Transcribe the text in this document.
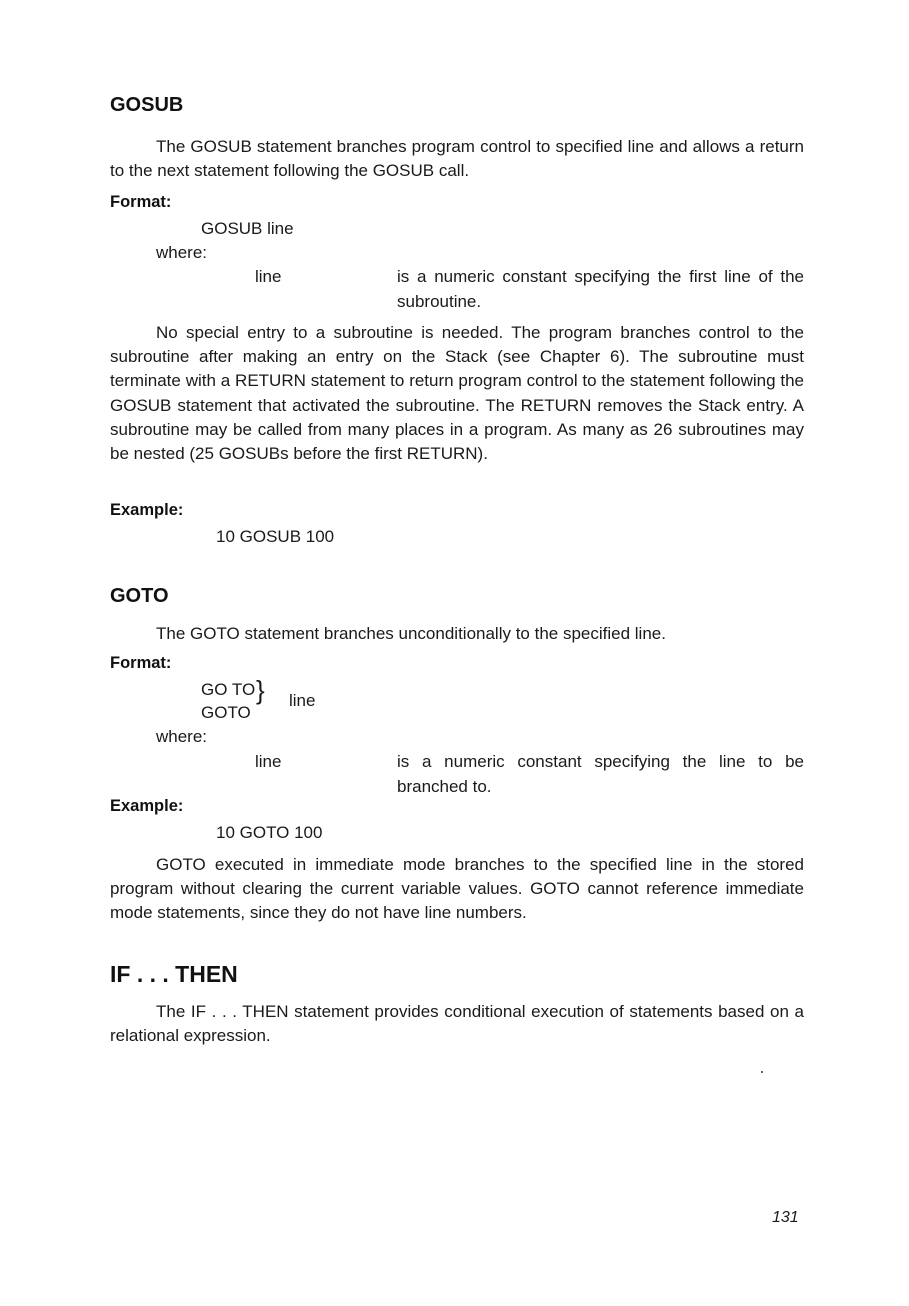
GOSUB
The GOSUB statement branches program control to specified line and allows a return to the next statement following the GOSUB call.
Format:
GOSUB line
where:
line	is a numeric constant specifying the first line of the subroutine.
No special entry to a subroutine is needed. The program branches control to the subroutine after making an entry on the Stack (see Chapter 6). The subroutine must terminate with a RETURN statement to return program control to the statement following the GOSUB statement that activated the subroutine. The RETURN removes the Stack entry. A subroutine may be called from many places in a program. As many as 26 subroutines may be nested (25 GOSUBs before the first RETURN).
Example:
10 GOSUB 100
GOTO
The GOTO statement branches unconditionally to the specified line.
Format:
GO TO
GOTO
} line
where:
line	is a numeric constant specifying the line to be branched to.
Example:
10 GOTO 100
GOTO executed in immediate mode branches to the specified line in the stored program without clearing the current variable values. GOTO cannot reference immediate mode statements, since they do not have line numbers.
IF . . . THEN
The IF . . . THEN statement provides conditional execution of statements based on a relational expression.
131
